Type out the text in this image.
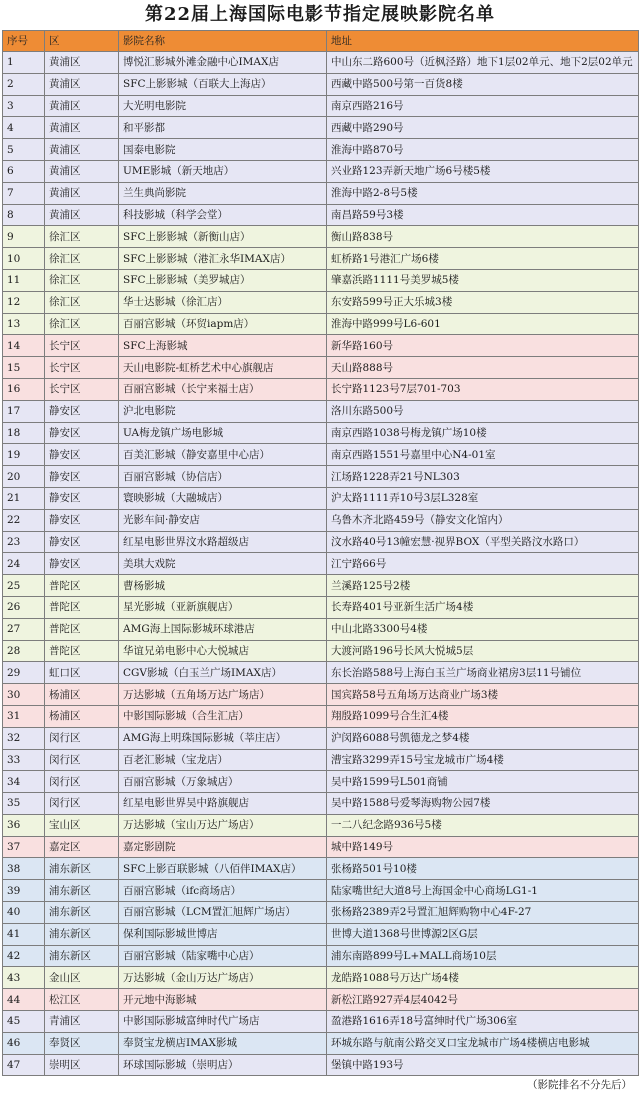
第22届上海国际电影节指定展映影院名单
序号	区	影院名称	地址
1	黄浦区	博悦汇影城外滩金融中心IMAX店	中山东二路600号（近枫泾路）地下1层02单元、地下2层02单元
2	黄浦区	SFC上影影城（百联大上海店）	西藏中路500号第一百货8楼
3	黄浦区	大光明电影院	南京西路216号
4	黄浦区	和平影都	西藏中路290号
5	黄浦区	国泰电影院	淮海中路870号
6	黄浦区	UME影城（新天地店）	兴业路123弄新天地广场6号楼5楼
7	黄浦区	兰生典尚影院	淮海中路2-8号5楼
8	黄浦区	科技影城（科学会堂）	南昌路59号3楼
9	徐汇区	SFC上影影城（新衡山店）	衡山路838号
10	徐汇区	SFC上影影城（港汇永华IMAX店）	虹桥路1号港汇广场6楼
11	徐汇区	SFC上影影城（美罗城店）	肇嘉浜路1111号美罗城5楼
12	徐汇区	华士达影城（徐汇店）	东安路599号正大乐城3楼
13	徐汇区	百丽宫影城（环贸iapm店）	淮海中路999号L6-601
14	长宁区	SFC上海影城	新华路160号
15	长宁区	天山电影院-虹桥艺术中心旗舰店	天山路888号
16	长宁区	百丽宫影城（长宁来福士店）	长宁路1123号7层701-703
17	静安区	沪北电影院	洛川东路500号
18	静安区	UA梅龙镇广场电影城	南京西路1038号梅龙镇广场10楼
19	静安区	百美汇影城（静安嘉里中心店）	南京西路1551号嘉里中心N4-01室
20	静安区	百丽宫影城（协信店）	江场路1228弄21号NL303
21	静安区	寰映影城（大融城店）	沪太路1111弄10号3层L328室
22	静安区	光影车间·静安店	乌鲁木齐北路459号（静安文化馆内）
23	静安区	红星电影世界汶水路超级店	汶水路40号13幢宏慧·视界BOX（平型关路汶水路口）
24	静安区	美琪大戏院	江宁路66号
25	普陀区	曹杨影城	兰溪路125号2楼
26	普陀区	星光影城（亚新旗舰店）	长寿路401号亚新生活广场4楼
27	普陀区	AMG海上国际影城环球港店	中山北路3300号4楼
28	普陀区	华谊兄弟电影中心大悦城店	大渡河路196号长风大悦城5层
29	虹口区	CGV影城（白玉兰广场IMAX店）	东长治路588号上海白玉兰广场商业裙房3层11号铺位
30	杨浦区	万达影城（五角场万达广场店）	国宾路58号五角场万达商业广场3楼
31	杨浦区	中影国际影城（合生汇店）	翔殷路1099号合生汇4楼
32	闵行区	AMG海上明珠国际影城（莘庄店）	沪闵路6088号凯德龙之梦4楼
33	闵行区	百老汇影城（宝龙店）	漕宝路3299弄15号宝龙城市广场4楼
34	闵行区	百丽宫影城（万象城店）	吴中路1599号L501商铺
35	闵行区	红星电影世界吴中路旗舰店	吴中路1588号爱琴海购物公园7楼
36	宝山区	万达影城（宝山万达广场店）	一二八纪念路936号5楼
37	嘉定区	嘉定影剧院	城中路149号
38	浦东新区	SFC上影百联影城（八佰伴IMAX店）	张杨路501号10楼
39	浦东新区	百丽宫影城（ifc商场店）	陆家嘴世纪大道8号上海国金中心商场LG1-1
40	浦东新区	百丽宫影城（LCM置汇旭辉广场店）	张杨路2389弄2号置汇旭辉购物中心4F-27
41	浦东新区	保利国际影城世博店	世博大道1368号世博源2区G层
42	浦东新区	百丽宫影城（陆家嘴中心店）	浦东南路899号L+MALL商场10层
43	金山区	万达影城（金山万达广场店）	龙皓路1088号万达广场4楼
44	松江区	开元地中海影城	新松江路927弄4层4042号
45	青浦区	中影国际影城富绅时代广场店	盈港路1616弄18号富绅时代广场306室
46	奉贤区	奉贤宝龙横店IMAX影城	环城东路与航南公路交叉口宝龙城市广场4楼横店电影城
47	崇明区	环球国际影城（崇明店）	堡镇中路193号
（影院排名不分先后）
